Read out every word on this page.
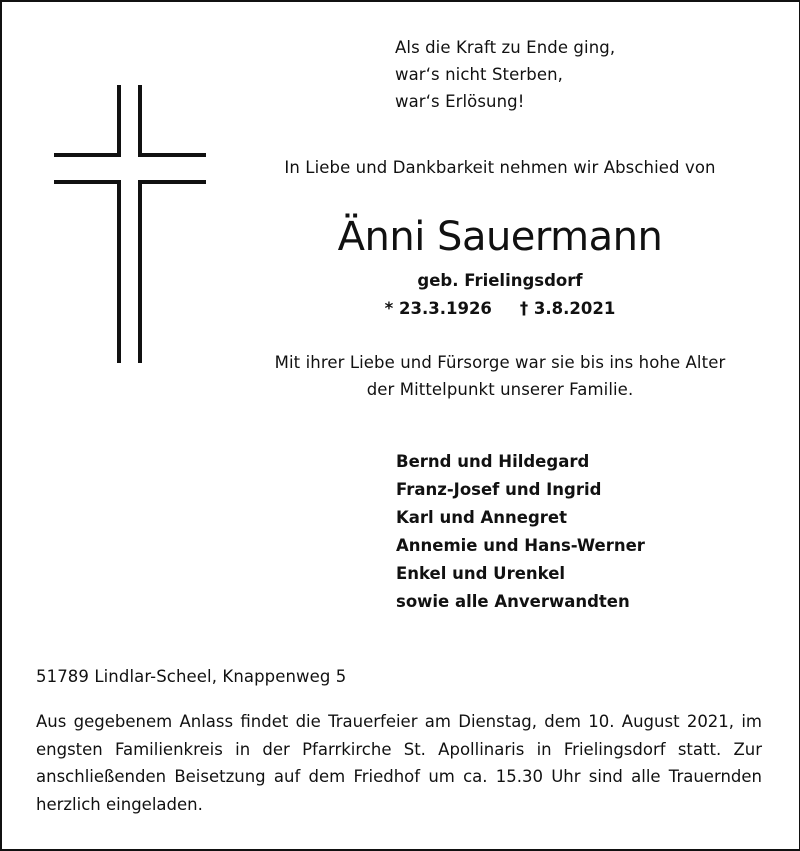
Als die Kraft zu Ende ging,
war‘s nicht Sterben,
war‘s Erlösung!
In Liebe und Dankbarkeit nehmen wir Abschied von
Änni Sauermann
geb. Frielingsdorf
* 23.3.1926 † 3.8.2021
Mit ihrer Liebe und Fürsorge war sie bis ins hohe Alter
der Mittelpunkt unserer Familie.
Bernd und Hildegard
Franz-Josef und Ingrid
Karl und Annegret
Annemie und Hans-Werner
Enkel und Urenkel
sowie alle Anverwandten
51789 Lindlar-Scheel, Knappenweg 5
Aus gegebenem Anlass findet die Trauerfeier am Dienstag, dem 10. August 2021, im
engsten Familienkreis in der Pfarrkirche St. Apollinaris in Frielingsdorf statt. Zur
anschließenden Beisetzung auf dem Friedhof um ca. 15.30 Uhr sind alle Trauernden
herzlich eingeladen.
